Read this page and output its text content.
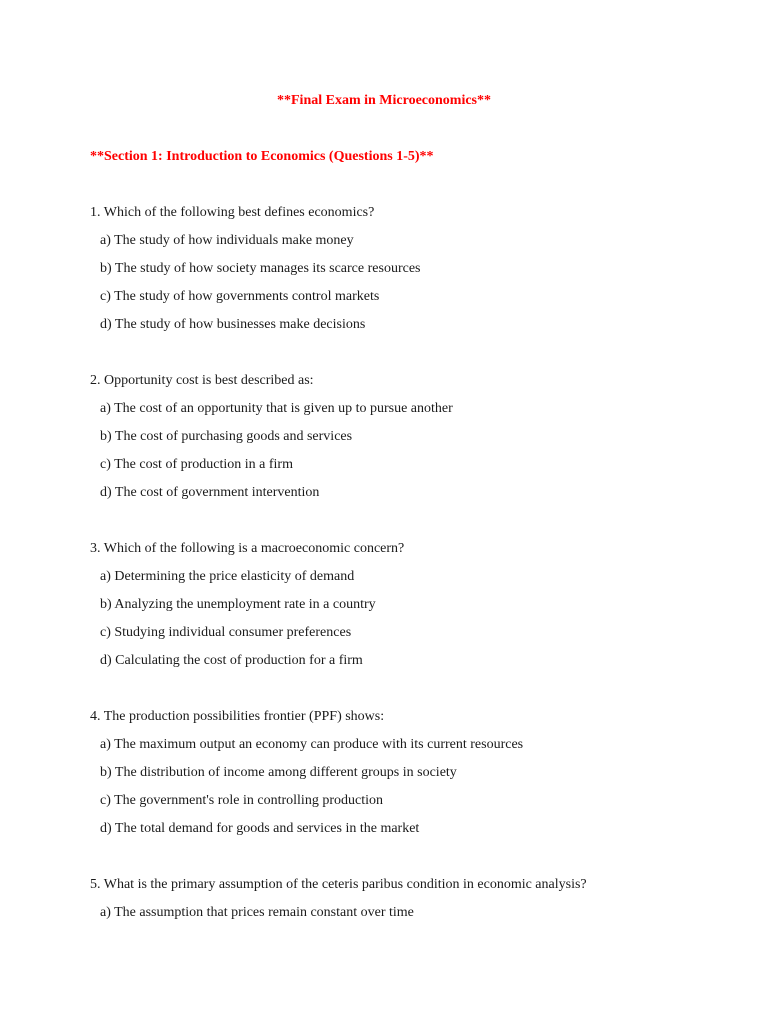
**Final Exam in Microeconomics**
**Section 1: Introduction to Economics (Questions 1-5)**
1. Which of the following best defines economics?
a) The study of how individuals make money
b) The study of how society manages its scarce resources
c) The study of how governments control markets
d) The study of how businesses make decisions
2. Opportunity cost is best described as:
a) The cost of an opportunity that is given up to pursue another
b) The cost of purchasing goods and services
c) The cost of production in a firm
d) The cost of government intervention
3. Which of the following is a macroeconomic concern?
a) Determining the price elasticity of demand
b) Analyzing the unemployment rate in a country
c) Studying individual consumer preferences
d) Calculating the cost of production for a firm
4. The production possibilities frontier (PPF) shows:
a) The maximum output an economy can produce with its current resources
b) The distribution of income among different groups in society
c) The government's role in controlling production
d) The total demand for goods and services in the market
5. What is the primary assumption of the ceteris paribus condition in economic analysis?
a) The assumption that prices remain constant over time
